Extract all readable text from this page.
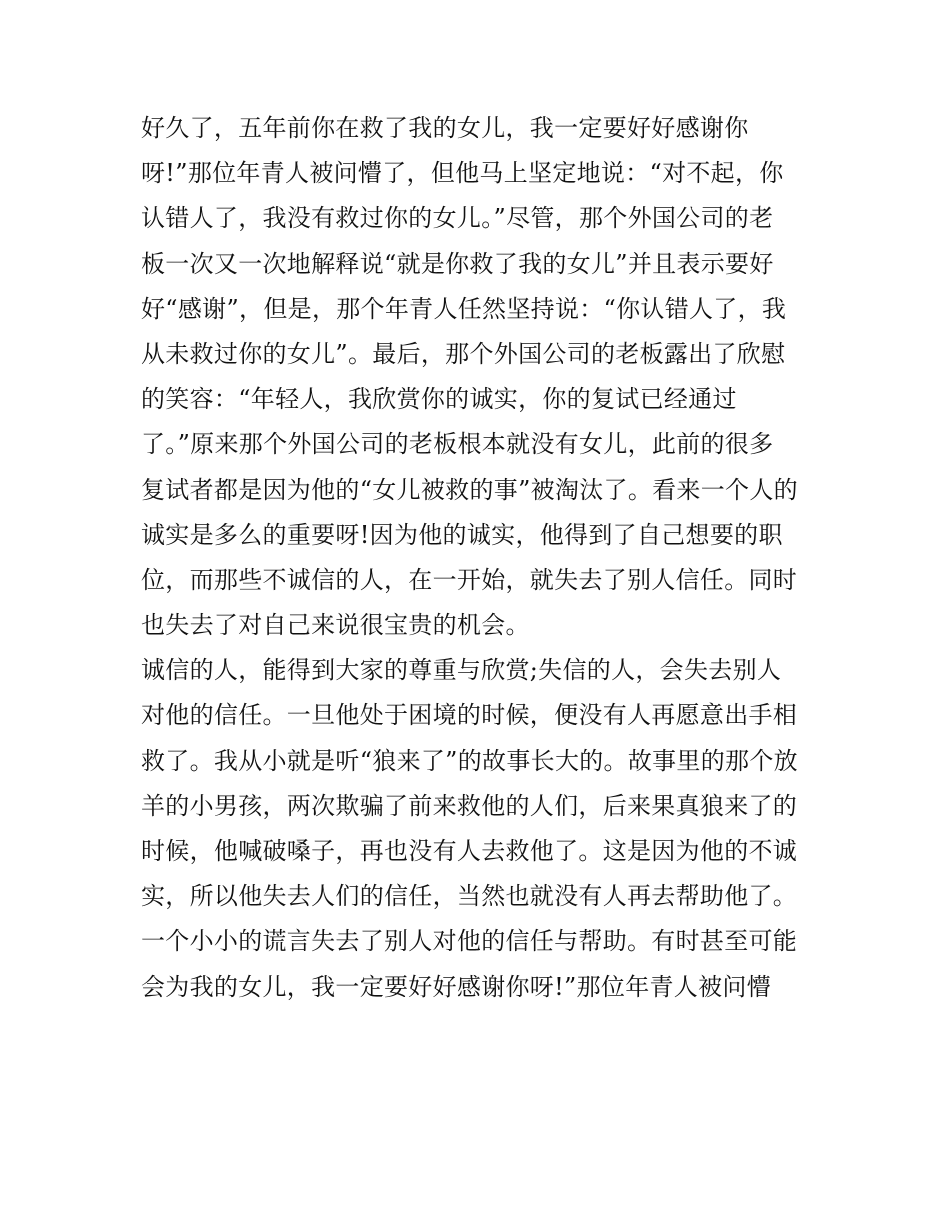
好久了，五年前你在救了我的女儿，我一定要好好感谢你
呀!”那位年青人被问懵了，但他马上坚定地说：“对不起，你
认错人了，我没有救过你的女儿。”尽管，那个外国公司的老
板一次又一次地解释说“就是你救了我的女儿”并且表示要好
好“感谢”，但是，那个年青人任然坚持说：“你认错人了，我
从未救过你的女儿”。最后，那个外国公司的老板露出了欣慰
的笑容：“年轻人，我欣赏你的诚实，你的复试已经通过
了。”原来那个外国公司的老板根本就没有女儿，此前的很多
复试者都是因为他的“女儿被救的事”被淘汰了。看来一个人的
诚实是多么的重要呀!因为他的诚实，他得到了自己想要的职
位，而那些不诚信的人，在一开始，就失去了别人信任。同时
也失去了对自己来说很宝贵的机会。
诚信的人，能得到大家的尊重与欣赏;失信的人，会失去别人
对他的信任。一旦他处于困境的时候，便没有人再愿意出手相
救了。我从小就是听“狼来了”的故事长大的。故事里的那个放
羊的小男孩，两次欺骗了前来救他的人们，后来果真狼来了的
时候，他喊破嗓子，再也没有人去救他了。这是因为他的不诚
实，所以他失去人们的信任，当然也就没有人再去帮助他了。
一个小小的谎言失去了别人对他的信任与帮助。有时甚至可能
会为我的女儿，我一定要好好感谢你呀!”那位年青人被问懵
